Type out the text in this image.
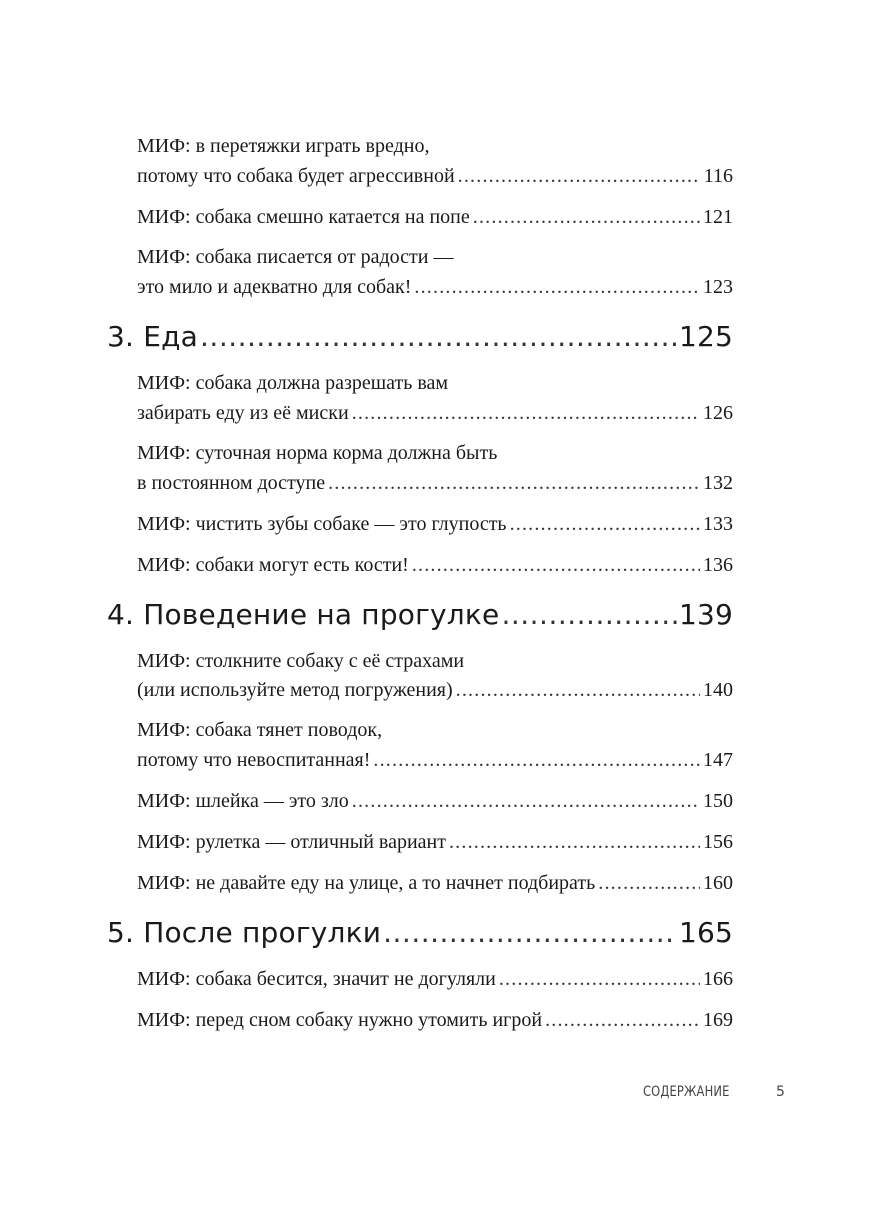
МИФ: в перетяжки играть вредно,
потому что собака будет агрессивной .....	116
МИФ: собака смешно катается на попе .....	121
МИФ: собака писается от радости —
это мило и адекватно для собак! .....	123
3. Еда .....	125
МИФ: собака должна разрешать вам
забирать еду из её миски .....	126
МИФ: суточная норма корма должна быть
в постоянном доступе .....	132
МИФ: чистить зубы собаке — это глупость .....	133
МИФ: собаки могут есть кости! .....	136
4. Поведение на прогулке .....	139
МИФ: столкните собаку с её страхами
(или используйте метод погружения) .....	140
МИФ: собака тянет поводок,
потому что невоспитанная! .....	147
МИФ: шлейка — это зло .....	150
МИФ: рулетка — отличный вариант .....	156
МИФ: не давайте еду на улице, а то начнет подбирать .....	160
5. После прогулки .....	165
МИФ: собака бесится, значит не догуляли .....	166
МИФ: перед сном собаку нужно утомить игрой .....	169
СОДЕРЖАНИЕ	5
